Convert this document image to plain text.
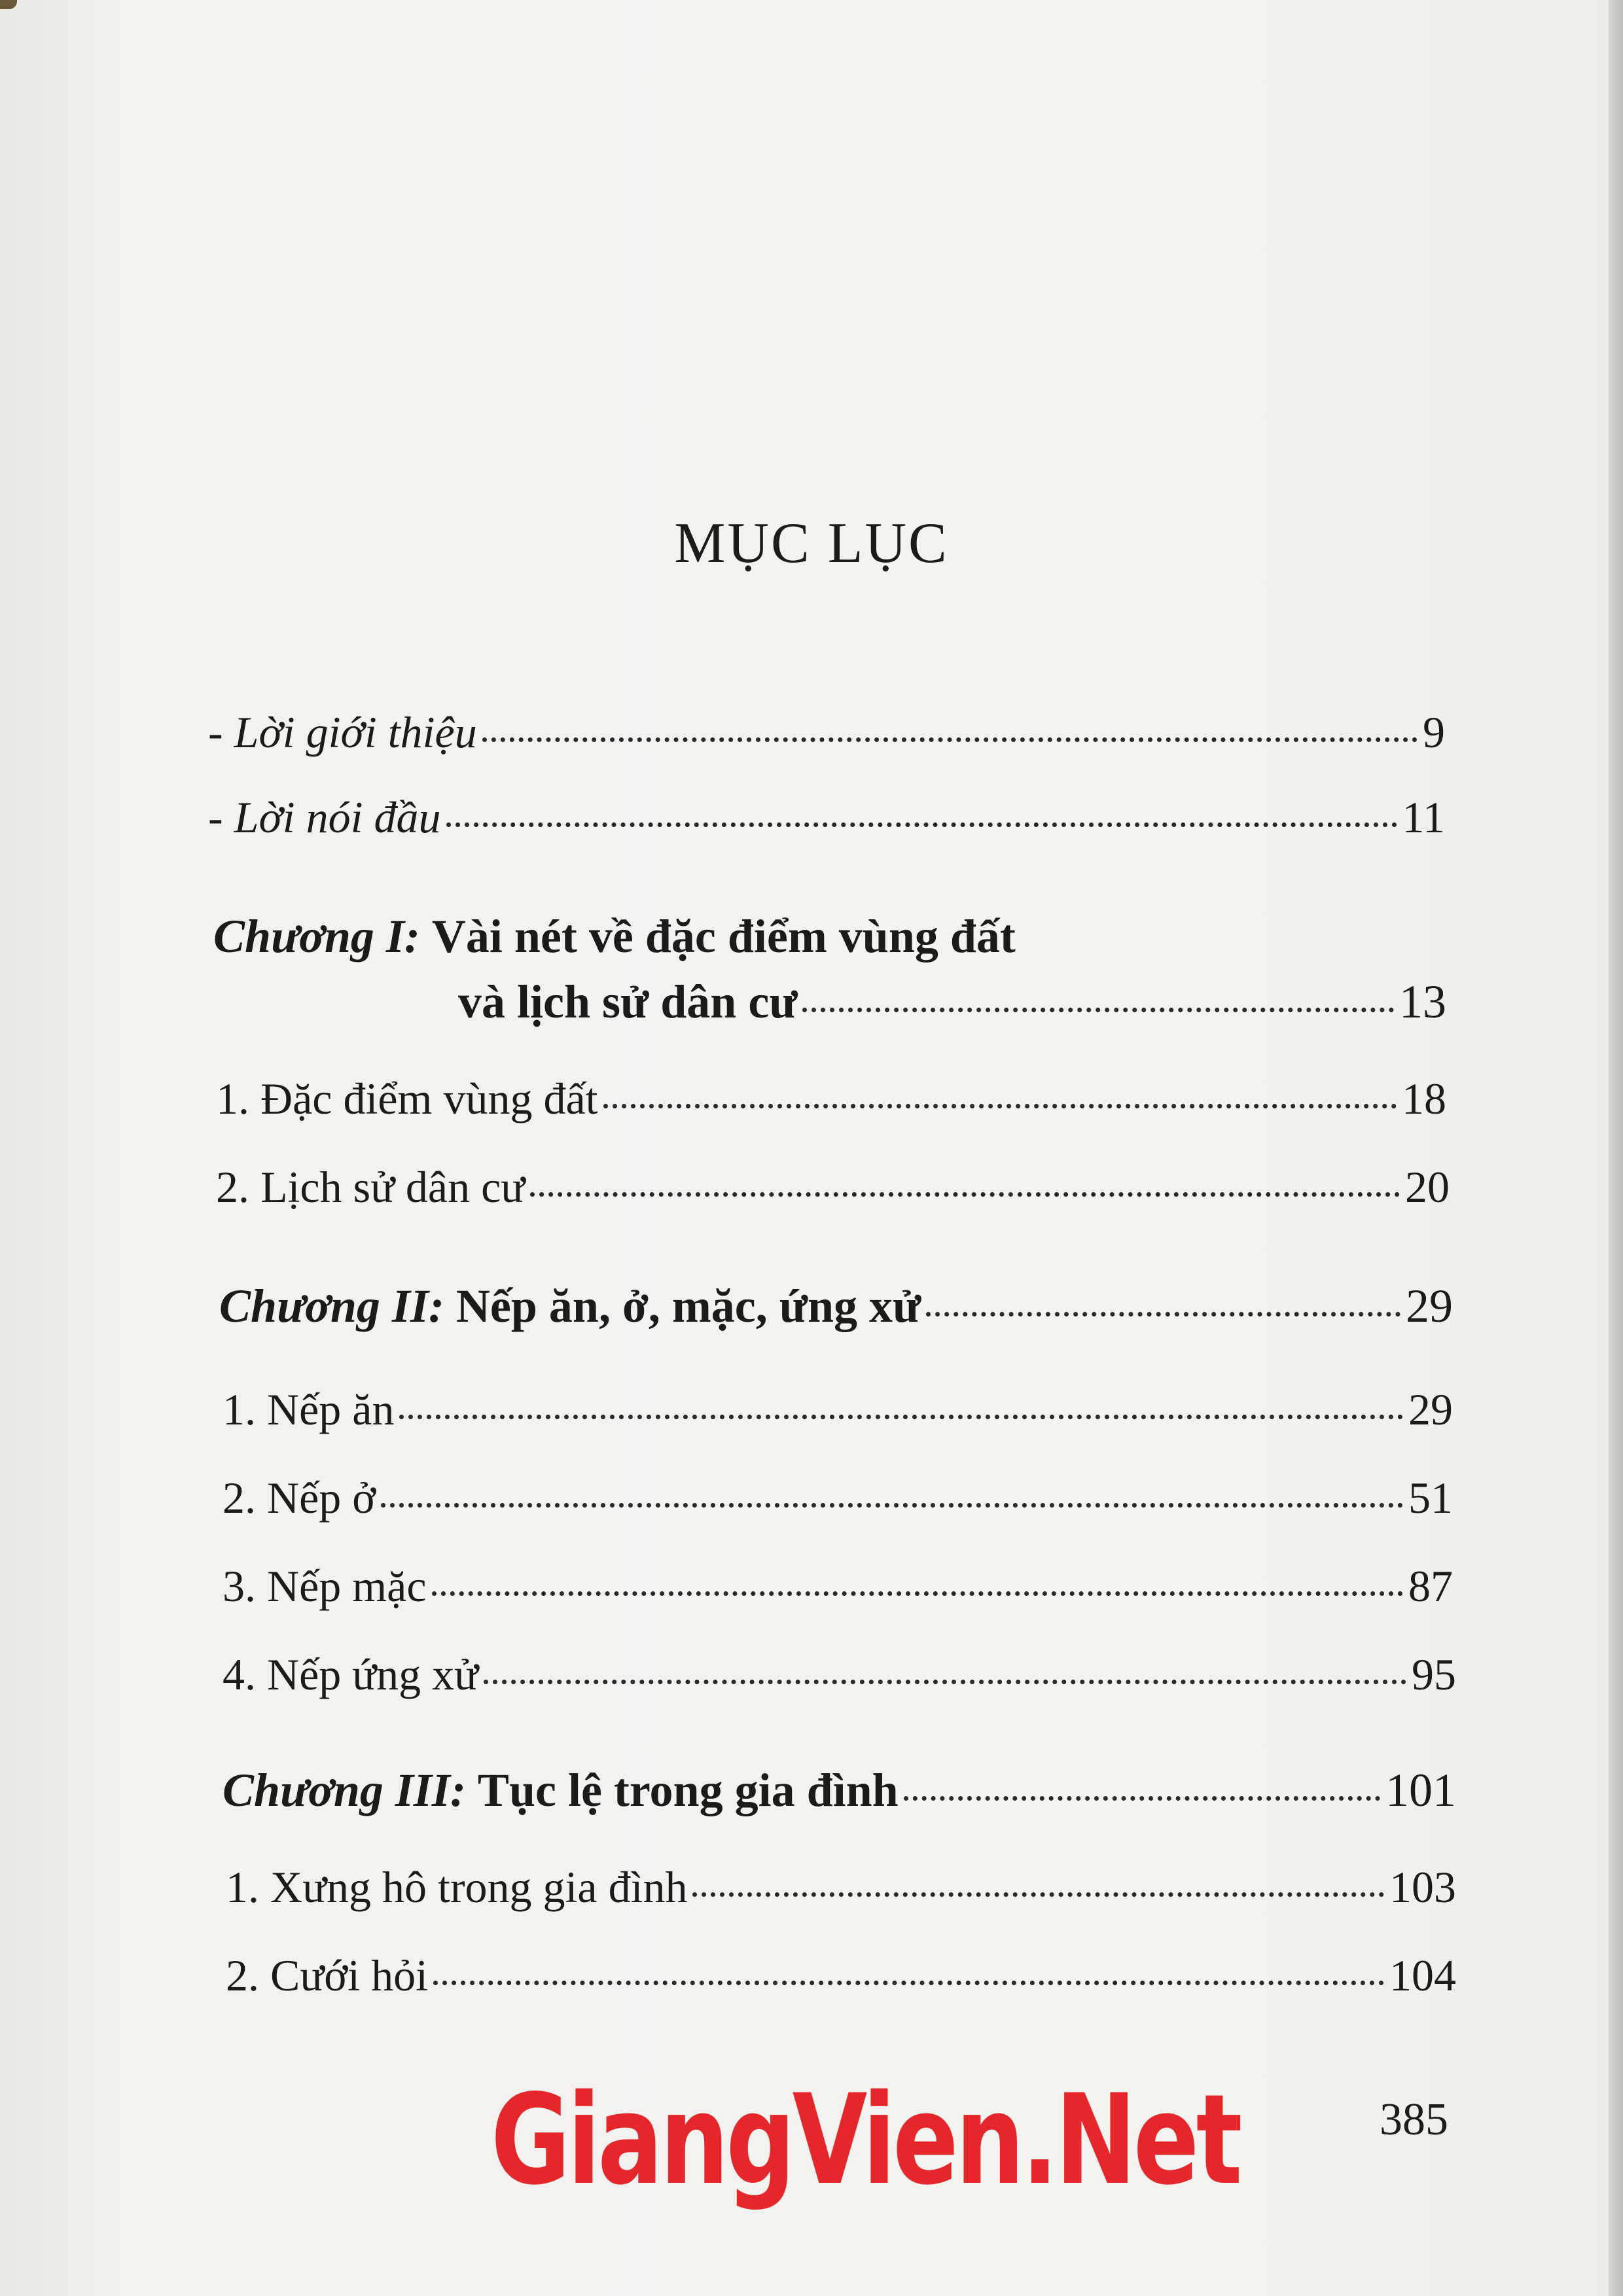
MỤC LỤC
- Lời giới thiệu	9
- Lời nói đầu	11
Chương I: Vài nét về đặc điểm vùng đất
và lịch sử dân cư	13
1. Đặc điểm vùng đất	18
2. Lịch sử dân cư	20
Chương II: Nếp ăn, ở, mặc, ứng xử	29
1. Nếp ăn	29
2. Nếp ở	51
3. Nếp mặc	87
4. Nếp ứng xử	95
Chương III: Tục lệ trong gia đình	101
1. Xưng hô trong gia đình	103
2. Cưới hỏi	104
GiangVien.Net	385
